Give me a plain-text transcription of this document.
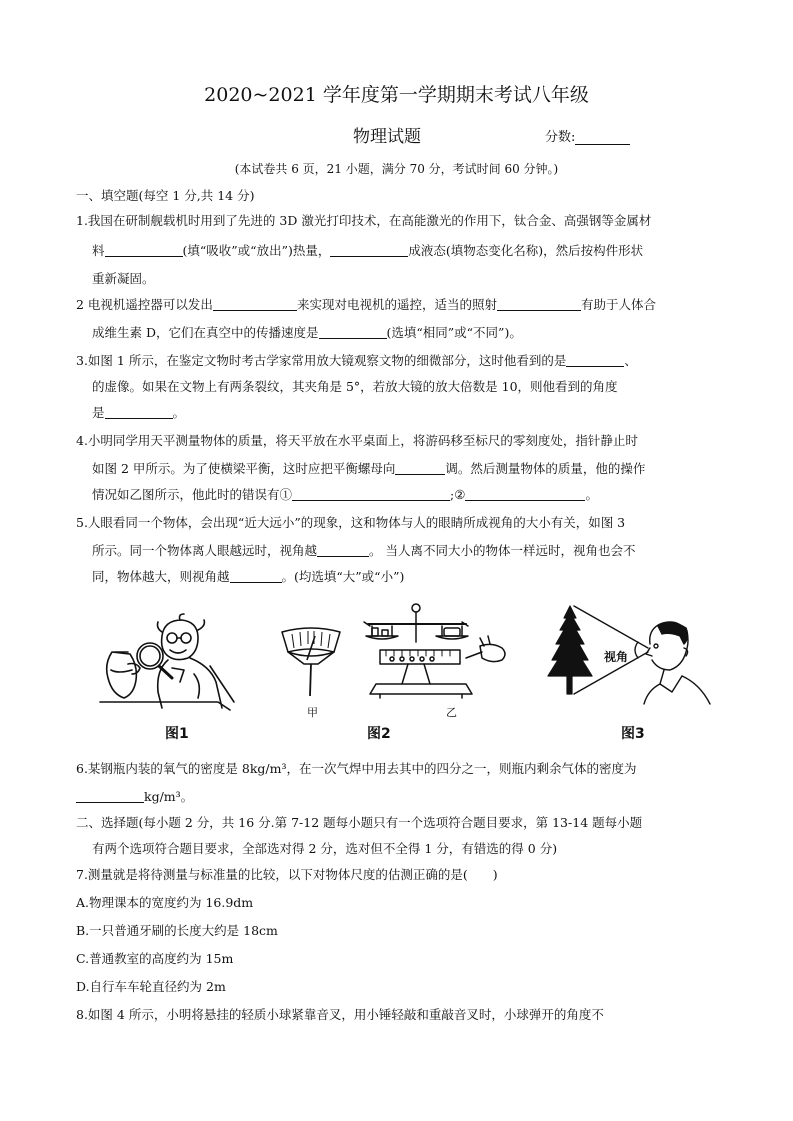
2020~2021 学年度第一学期期末考试八年级
物理试题	分数:
(本试卷共 6 页，21 小题，满分 70 分，考试时间 60 分钟。)
一、填空题(每空 1 分,共 14 分)
1.我国在研制舰载机时用到了先进的 3D 激光打印技术，在高能激光的作用下，钛合金、高强钢等金属材
料	(填“吸收”或“放出”)热量，	成液态(填物态变化名称)，然后按构件形状
重新凝固。
2 电视机遥控器可以发出	来实现对电视机的遥控，适当的照射	有助于人体合
成维生素 D，它们在真空中的传播速度是	(选填“相同”或“不同”)。
3.如图 1 所示，在鉴定文物时考古学家常用放大镜观察文物的细微部分，这时他看到的是	、
的虚像。如果在文物上有两条裂纹，其夹角是 5°，若放大镜的放大倍数是 10，则他看到的角度
是	。
4.小明同学用天平测量物体的质量，将天平放在水平桌面上，将游码移至标尺的零刻度处，指针静止时
如图 2 甲所示。为了使横梁平衡，这时应把平衡螺母向	调。然后测量物体的质量，他的操作
情况如乙图所示，他此时的错误有①	;②	。
5.人眼看同一个物体，会出现“近大远小”的现象，这和物体与人的眼睛所成视角的大小有关，如图 3
所示。同一个物体离人眼越远时，视角越	。 当人离不同大小的物体一样远时，视角也会不
同，物体越大，则视角越	。(均选填“大”或“小”)
图1
甲	乙
图2
视角
图3
6.某钢瓶内装的氧气的密度是 8kg/m³，在一次气焊中用去其中的四分之一，则瓶内剩余气体的密度为
kg/m³。
二、选择题(每小题 2 分，共 16 分.第 7-12 题每小题只有一个选项符合题目要求，第 13-14 题每小题
有两个选项符合题目要求，全部选对得 2 分，选对但不全得 1 分，有错选的得 0 分)
7.测量就是将待测量与标准量的比较，以下对物体尺度的估测正确的是(　　)
A.物理课本的宽度约为 16.9dm
B.一只普通牙刷的长度大约是 18cm
C.普通教室的高度约为 15m
D.自行车车轮直径约为 2m
8.如图 4 所示，小明将悬挂的轻质小球紧靠音叉，用小锤轻敲和重敲音叉时，小球弹开的角度不
